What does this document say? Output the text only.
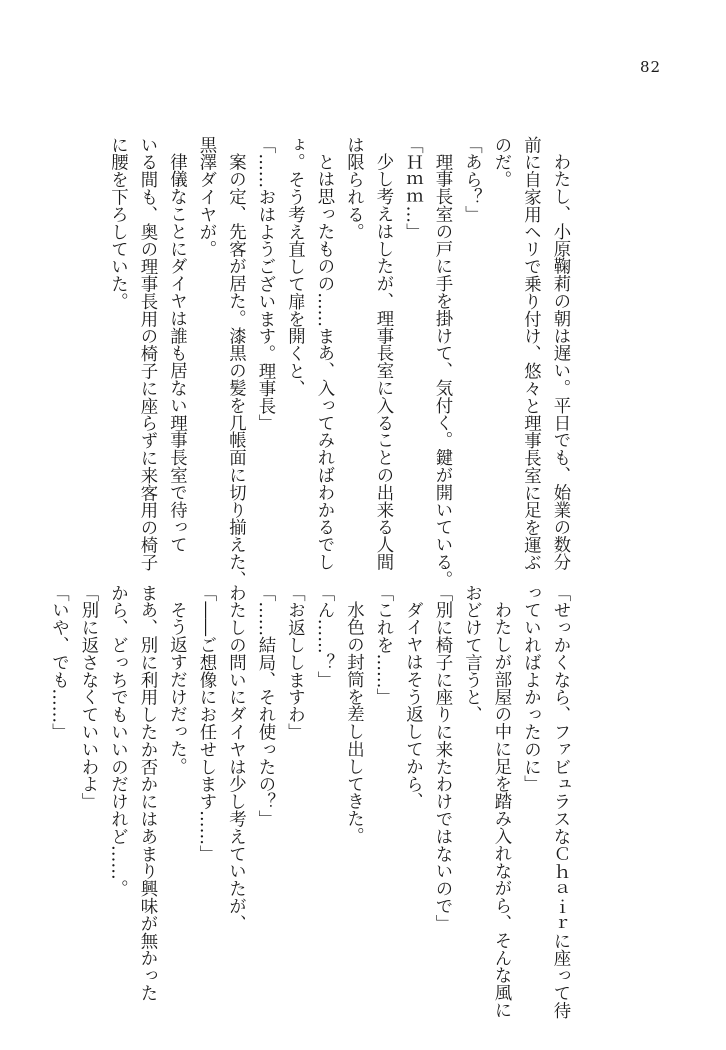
82
わたし、小原鞠莉の朝は遅い。平日でも、始業の数分
前に自家用ヘリで乗り付け、悠々と理事長室に足を運ぶ
のだ。
「あら？」
理事長室の戸に手を掛けて、気付く。鍵が開いている。
「Ｈｍｍ…」
少し考えはしたが、理事長室に入ることの出来る人間
は限られる。
とは思ったものの……まあ、入ってみればわかるでし
ょ。そう考え直して扉を開くと、
「……おはようございます。理事長」
案の定、先客が居た。漆黒の髪を几帳面に切り揃えた、
黒澤ダイヤが。
律儀なことにダイヤは誰も居ない理事長室で待って
いる間も、奥の理事長用の椅子に座らずに来客用の椅子
に腰を下ろしていた。
「せっかくなら、ファビュラスなＣｈａｉｒに座って待
っていればよかったのに」
わたしが部屋の中に足を踏み入れながら、そんな風に
おどけて言うと、
「別に椅子に座りに来たわけではないので」
ダイヤはそう返してから、
「これを……」
水色の封筒を差し出してきた。
「ん……？」
「お返ししますわ」
「……結局、それ使ったの？」
わたしの問いにダイヤは少し考えていたが、
「――ご想像にお任せします……」
そう返すだけだった。
まあ、別に利用したか否かにはあまり興味が無かった
から、どっちでもいいのだけれど……。
「別に返さなくていいわよ」
「いや、でも……」
